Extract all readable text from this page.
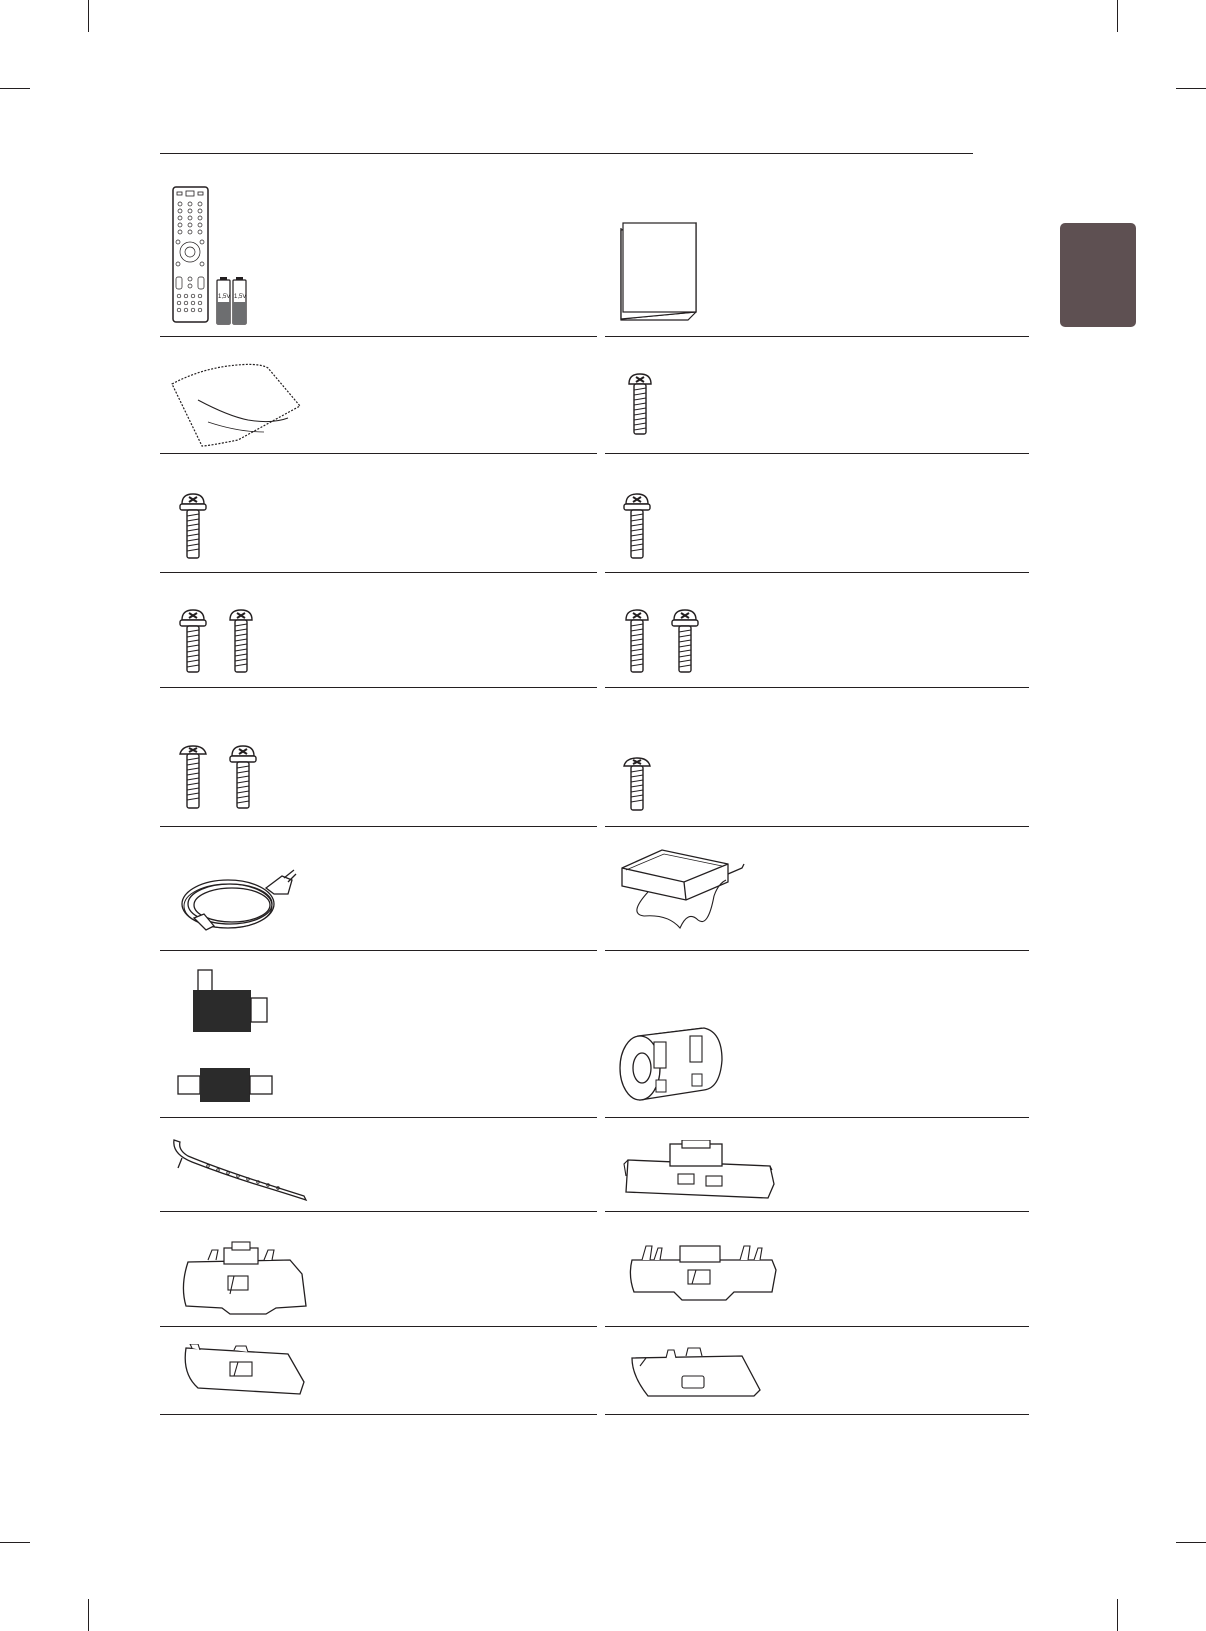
1,5V 1,5V
